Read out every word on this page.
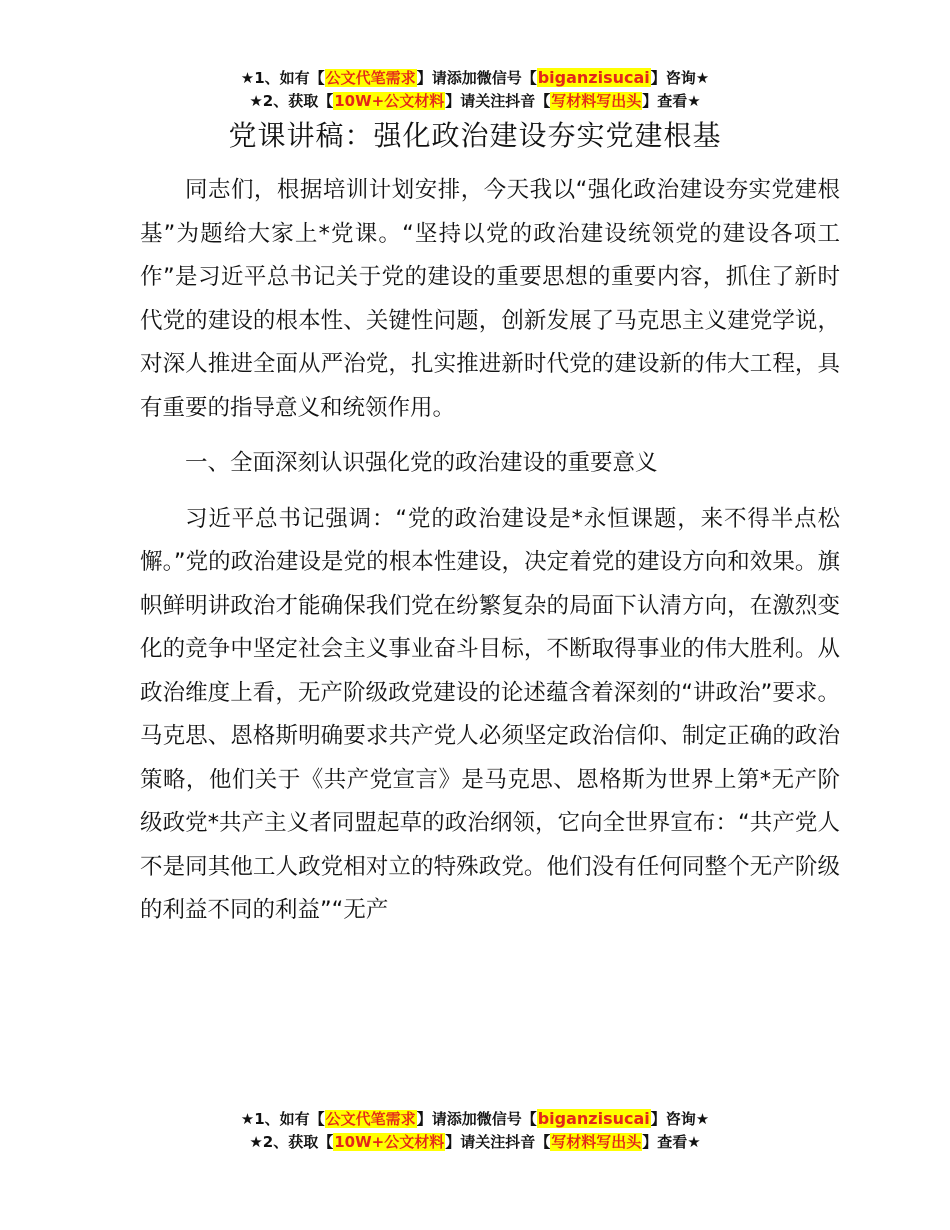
★1、如有【公文代笔需求】请添加微信号【biganzisucai】咨询★
★2、获取【10W+公文材料】请关注抖音【写材料写出头】查看★
党课讲稿：强化政治建设夯实党建根基

同志们，根据培训计划安排，今天我以“强化政治建设夯实党建根基”为题给大家上*党课。“坚持以党的政治建设统领党的建设各项工作”是习近平总书记关于党的建设的重要思想的重要内容，抓住了新时代党的建设的根本性、关键性问题，创新发展了马克思主义建党学说，对深人推进全面从严治党，扎实推进新时代党的建设新的伟大工程，具有重要的指导意义和统领作用。

一、全面深刻认识强化党的政治建设的重要意义

习近平总书记强调：“党的政治建设是*永恒课题，来不得半点松懈。”党的政治建设是党的根本性建设，决定着党的建设方向和效果。旗帜鲜明讲政治才能确保我们党在纷繁复杂的局面下认清方向，在激烈变化的竞争中坚定社会主义事业奋斗目标，不断取得事业的伟大胜利。从政治维度上看，无产阶级政党建设的论述蕴含着深刻的“讲政治”要求。马克思、恩格斯明确要求共产党人必须坚定政治信仰、制定正确的政治策略，他们关于《共产党宣言》是马克思、恩格斯为世界上第*无产阶级政党*共产主义者同盟起草的政治纲领，它向全世界宣布：“共产党人不是同其他工人政党相对立的特殊政党。他们没有任何同整个无产阶级的利益不同的利益”“无产

★1、如有【公文代笔需求】请添加微信号【biganzisucai】咨询★
★2、获取【10W+公文材料】请关注抖音【写材料写出头】查看★
